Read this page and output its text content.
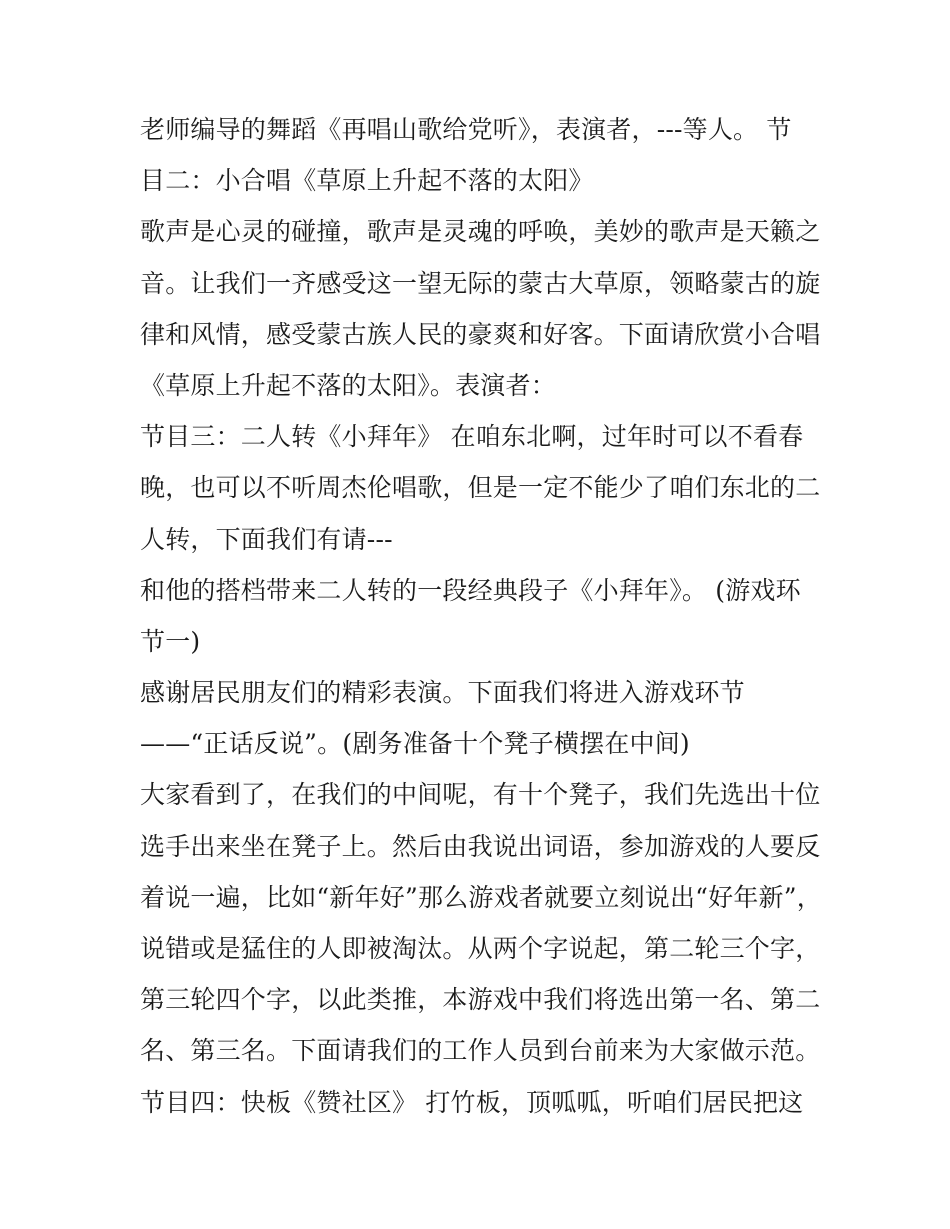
老师编导的舞蹈《再唱山歌给党听》，表演者，---等人。 节
目二：小合唱《草原上升起不落的太阳》
歌声是心灵的碰撞，歌声是灵魂的呼唤，美妙的歌声是天籁之
音。让我们一齐感受这一望无际的蒙古大草原，领略蒙古的旋
律和风情，感受蒙古族人民的豪爽和好客。下面请欣赏小合唱
《草原上升起不落的太阳》。表演者：
节目三：二人转《小拜年》 在咱东北啊，过年时可以不看春
晚，也可以不听周杰伦唱歌，但是一定不能少了咱们东北的二
人转，下面我们有请---
和他的搭档带来二人转的一段经典段子《小拜年》。 (游戏环
节一)
感谢居民朋友们的精彩表演。下面我们将进入游戏环节
——“正话反说”。(剧务准备十个凳子横摆在中间)
大家看到了，在我们的中间呢，有十个凳子，我们先选出十位
选手出来坐在凳子上。然后由我说出词语，参加游戏的人要反
着说一遍，比如“新年好”那么游戏者就要立刻说出“好年新”，
说错或是猛住的人即被淘汰。从两个字说起，第二轮三个字，
第三轮四个字，以此类推，本游戏中我们将选出第一名、第二
名、第三名。下面请我们的工作人员到台前来为大家做示范。
节目四：快板《赞社区》 打竹板，顶呱呱，听咱们居民把这
